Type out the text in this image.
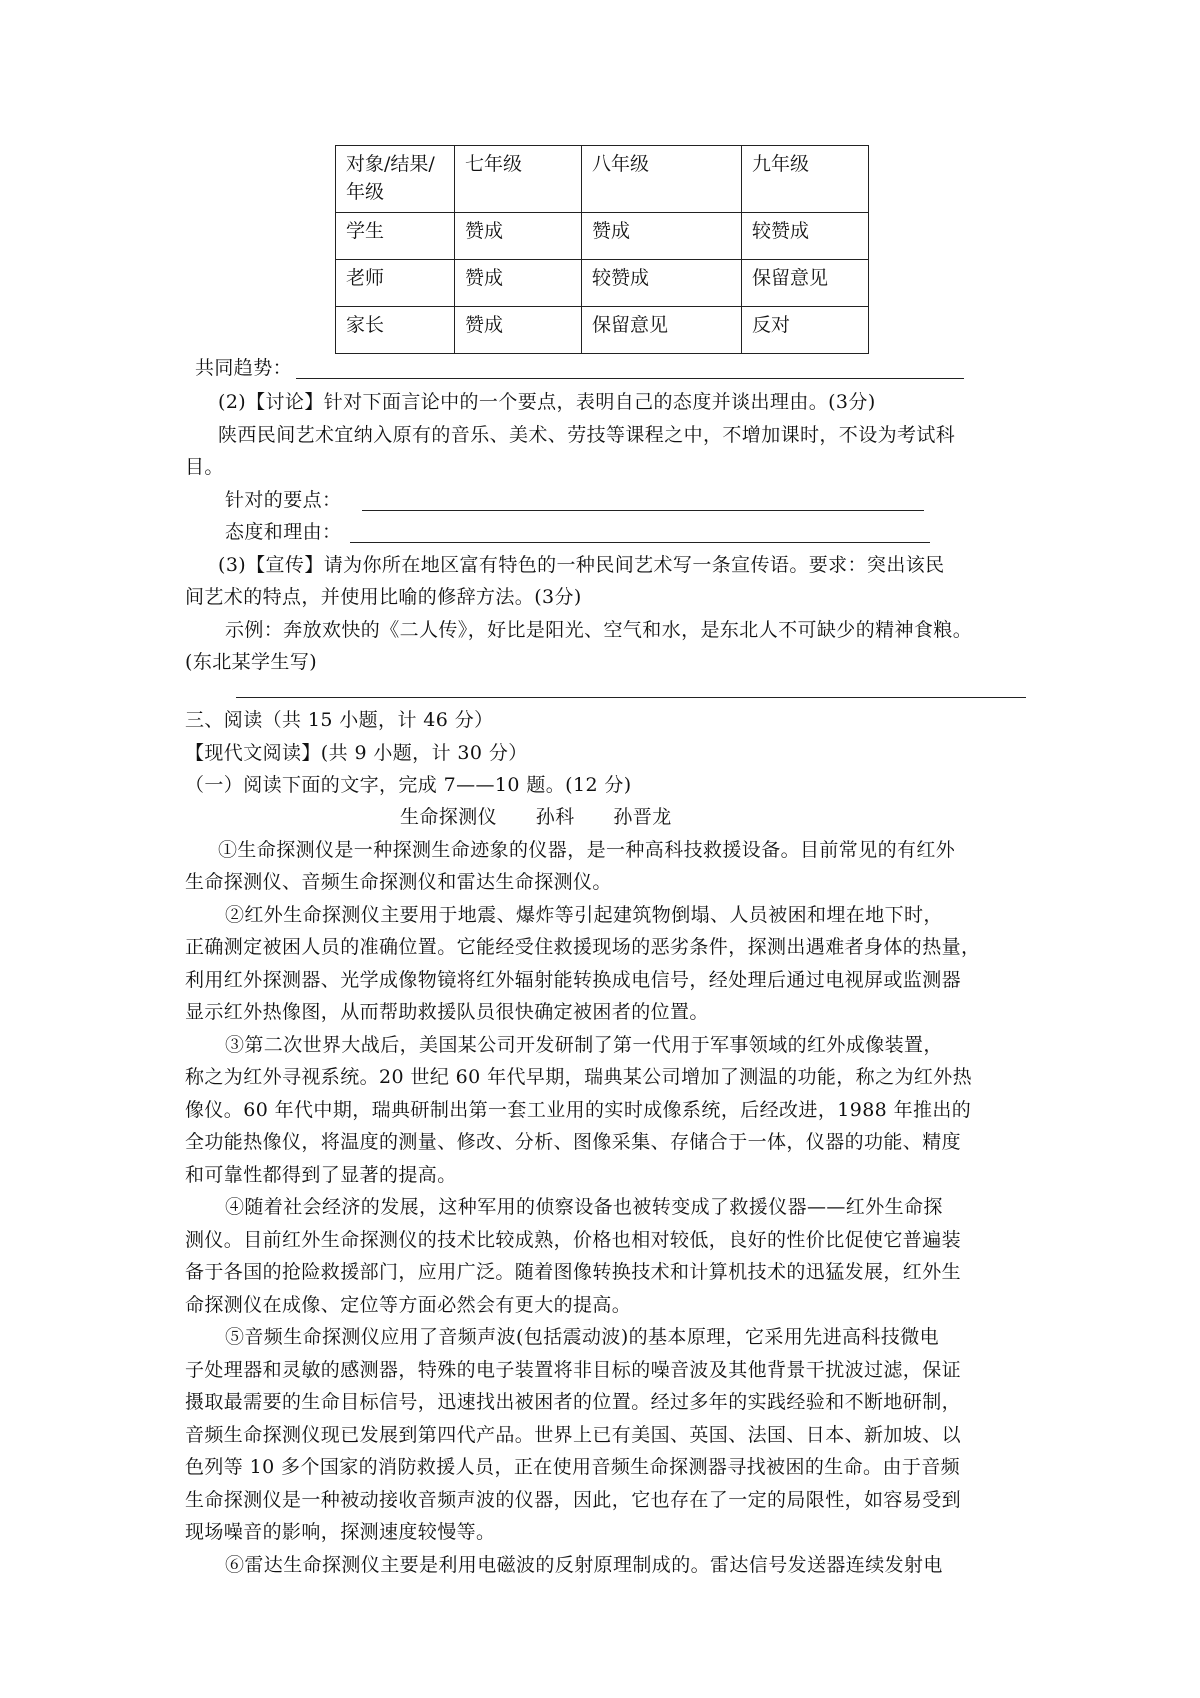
对象/结果/年级	七年级	八年级	九年级
学生	赞成	赞成	较赞成
老师	赞成	较赞成	保留意见
家长	赞成	保留意见	反对
共同趋势：
(2)【讨论】针对下面言论中的一个要点，表明自己的态度并谈出理由。(3分)
陕西民间艺术宜纳入原有的音乐、美术、劳技等课程之中，不增加课时，不设为考试科
目。
针对的要点：
态度和理由：
(3)【宣传】请为你所在地区富有特色的一种民间艺术写一条宣传语。要求：突出该民
间艺术的特点，并使用比喻的修辞方法。(3分)
示例：奔放欢快的《二人传》，好比是阳光、空气和水，是东北人不可缺少的精神食粮。
(东北某学生写)
三、阅读（共 15 小题，计 46 分）
【现代文阅读】(共 9 小题，计 30 分）
（一）阅读下面的文字，完成 7——10 题。(12 分)
生命探测仪　　孙科　　孙晋龙
①生命探测仪是一种探测生命迹象的仪器，是一种高科技救援设备。目前常见的有红外
生命探测仪、音频生命探测仪和雷达生命探测仪。
②红外生命探测仪主要用于地震、爆炸等引起建筑物倒塌、人员被困和埋在地下时，
正确测定被困人员的准确位置。它能经受住救援现场的恶劣条件，探测出遇难者身体的热量，
利用红外探测器、光学成像物镜将红外辐射能转换成电信号，经处理后通过电视屏或监测器
显示红外热像图，从而帮助救援队员很快确定被困者的位置。
③第二次世界大战后，美国某公司开发研制了第一代用于军事领域的红外成像装置，
称之为红外寻视系统。20 世纪 60 年代早期，瑞典某公司增加了测温的功能，称之为红外热
像仪。60 年代中期，瑞典研制出第一套工业用的实时成像系统，后经改进，1988 年推出的
全功能热像仪，将温度的测量、修改、分析、图像采集、存储合于一体，仪器的功能、精度
和可靠性都得到了显著的提高。
④随着社会经济的发展，这种军用的侦察设备也被转变成了救援仪器——红外生命探
测仪。目前红外生命探测仪的技术比较成熟，价格也相对较低，良好的性价比促使它普遍装
备于各国的抢险救援部门，应用广泛。随着图像转换技术和计算机技术的迅猛发展，红外生
命探测仪在成像、定位等方面必然会有更大的提高。
⑤音频生命探测仪应用了音频声波(包括震动波)的基本原理，它采用先进高科技微电
子处理器和灵敏的感测器，特殊的电子装置将非目标的噪音波及其他背景干扰波过滤，保证
摄取最需要的生命目标信号，迅速找出被困者的位置。经过多年的实践经验和不断地研制，
音频生命探测仪现已发展到第四代产品。世界上已有美国、英国、法国、日本、新加坡、以
色列等 10 多个国家的消防救援人员，正在使用音频生命探测器寻找被困的生命。由于音频
生命探测仪是一种被动接收音频声波的仪器，因此，它也存在了一定的局限性，如容易受到
现场噪音的影响，探测速度较慢等。
⑥雷达生命探测仪主要是利用电磁波的反射原理制成的。雷达信号发送器连续发射电
